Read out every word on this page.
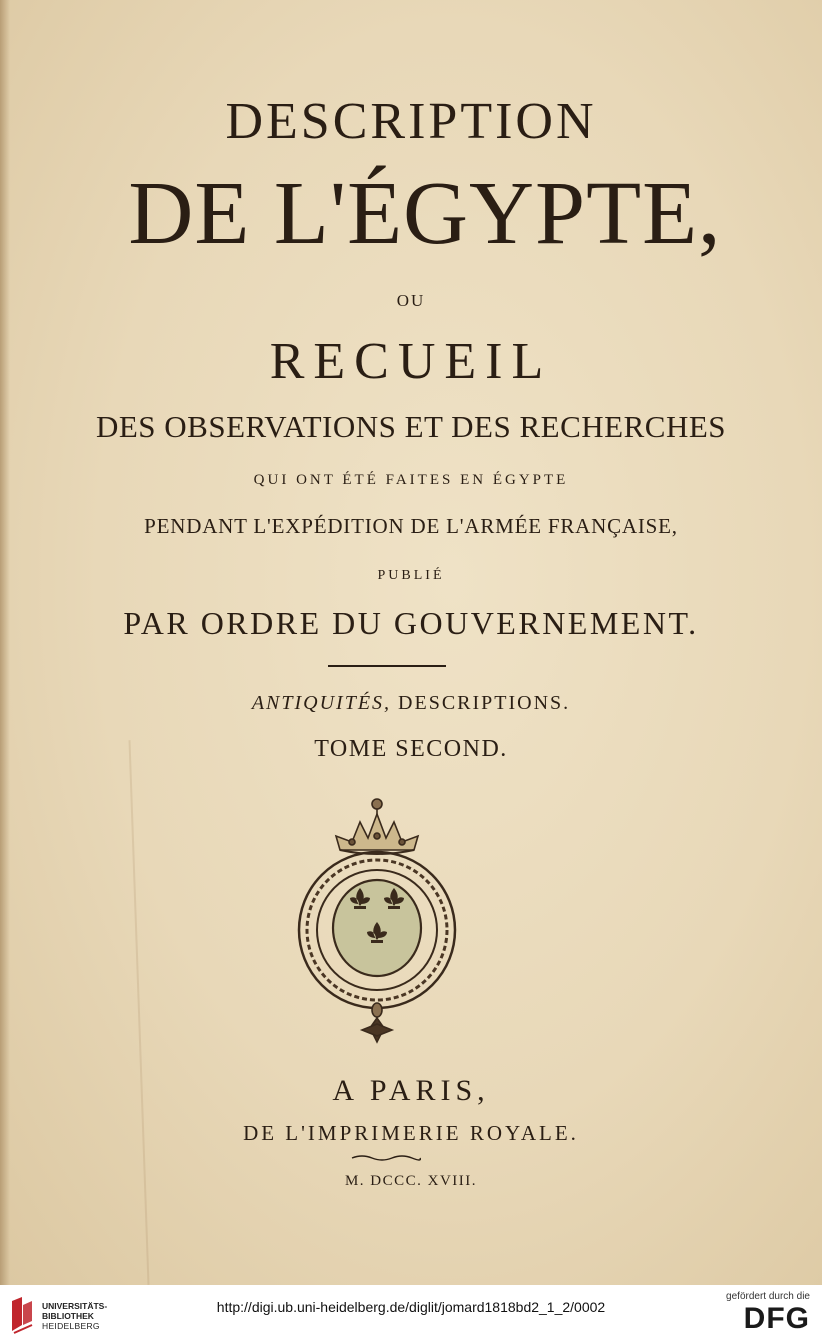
DESCRIPTION
DE L'ÉGYPTE,
OU
RECUEIL
DES OBSERVATIONS ET DES RECHERCHES
QUI ONT ÉTÉ FAITES EN ÉGYPTE
PENDANT L'EXPÉDITION DE L'ARMÉE FRANÇAISE,
PUBLIÉ
PAR ORDRE DU GOUVERNEMENT.
ANTIQUITÉS, DESCRIPTIONS.
TOME SECOND.
A PARIS,
DE L'IMPRIMERIE ROYALE.
M. DCCC. XVIII.
UNIVERSITÄTS-
BIBLIOTHEK
HEIDELBERG
http://digi.ub.uni-heidelberg.de/diglit/jomard1818bd2_1_2/0002
gefördert durch die
DFG
